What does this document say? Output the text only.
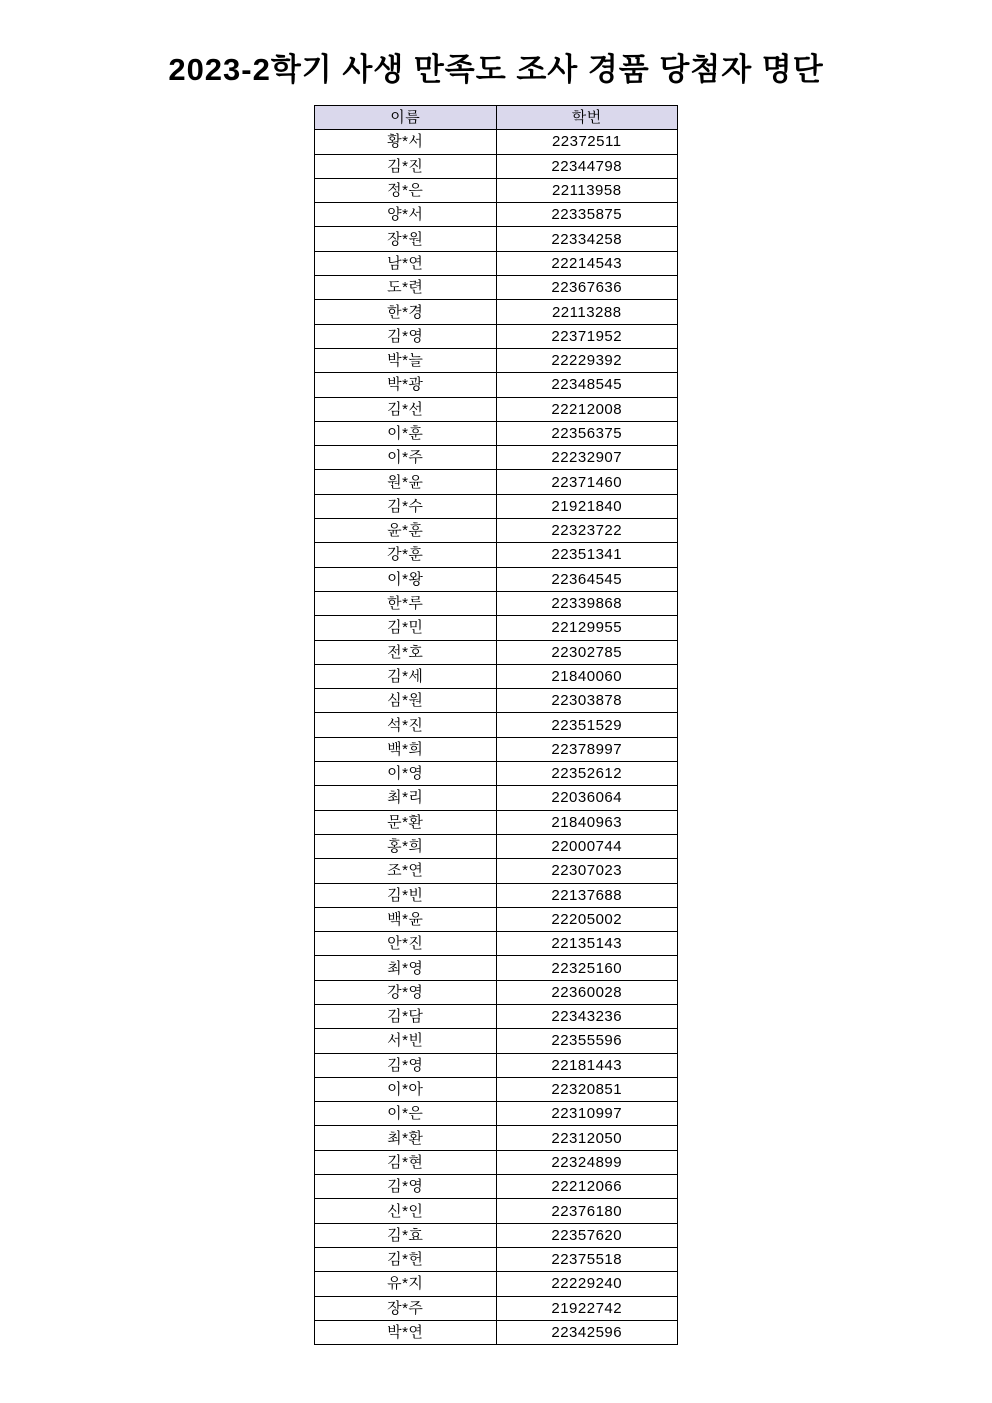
2023-2학기 사생 만족도 조사 경품 당첨자 명단
이름	학번
황*서	22372511
김*진	22344798
정*은	22113958
양*서	22335875
장*원	22334258
남*연	22214543
도*련	22367636
한*경	22113288
김*영	22371952
박*늘	22229392
박*광	22348545
김*선	22212008
이*훈	22356375
이*주	22232907
원*윤	22371460
김*수	21921840
윤*훈	22323722
강*훈	22351341
이*왕	22364545
한*루	22339868
김*민	22129955
전*호	22302785
김*세	21840060
심*원	22303878
석*진	22351529
백*희	22378997
이*영	22352612
최*리	22036064
문*환	21840963
홍*희	22000744
조*연	22307023
김*빈	22137688
백*윤	22205002
안*진	22135143
최*영	22325160
강*영	22360028
김*담	22343236
서*빈	22355596
김*영	22181443
이*아	22320851
이*은	22310997
최*환	22312050
김*현	22324899
김*영	22212066
신*인	22376180
김*효	22357620
김*헌	22375518
유*지	22229240
장*주	21922742
박*연	22342596
